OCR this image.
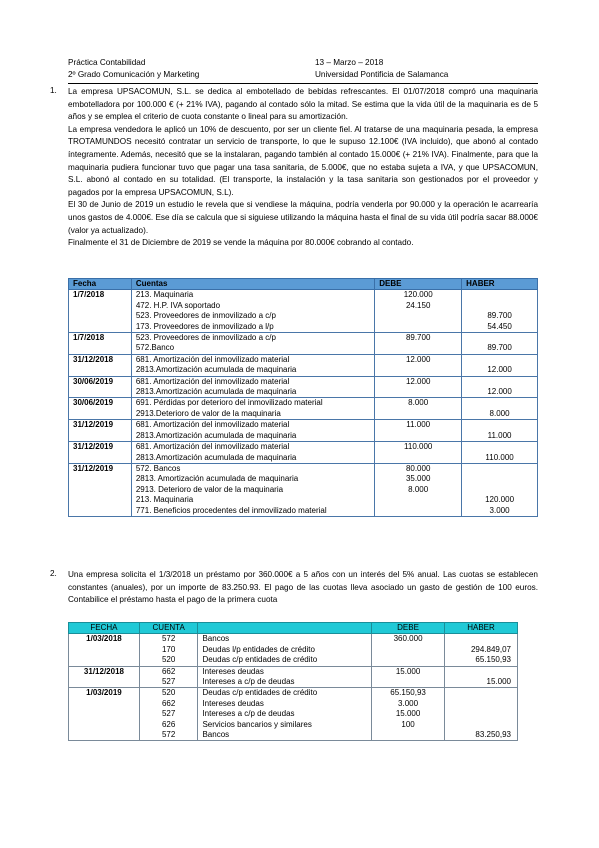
Práctica Contabilidad	13 – Marzo – 2018
2º Grado Comunicación y Marketing	Universidad Pontificia de Salamanca
1. La empresa UPSACOMUN, S.L. se dedica al embotellado de bebidas refrescantes. El 01/07/2018 compró una maquinaria embotelladora por 100.000 € (+ 21% IVA), pagando al contado sólo la mitad. Se estima que la vida útil de la maquinaria es de 5 años y se emplea el criterio de cuota constante o lineal para su amortización.

La empresa vendedora le aplicó un 10% de descuento, por ser un cliente fiel. Al tratarse de una maquinaria pesada, la empresa TROTAMUNDOS necesitó contratar un servicio de transporte, lo que le supuso 12.100€ (IVA incluido), que abonó al contado íntegramente. Además, necesitó que se la instalaran, pagando también al contado 15.000€ (+ 21% IVA). Finalmente, para que la maquinaria pudiera funcionar tuvo que pagar una tasa sanitaria, de 5.000€, que no estaba sujeta a IVA, y que UPSACOMUN, S.L. abonó al contado en su totalidad. (El transporte, la instalación y la tasa sanitaria son gestionados por el proveedor y pagados por la empresa UPSACOMUN, S.L).

El 30 de Junio de 2019 un estudio le revela que si vendiese la máquina, podría venderla por 90.000 y la operación le acarrearía unos gastos de 4.000€. Ese día se calcula que si siguiese utilizando la máquina hasta el final de su vida útil podría sacar 88.000€ (valor ya actualizado).

Finalmente el 31 de Diciembre de 2019 se vende la máquina por 80.000€ cobrando al contado.

Fecha	Cuentas	DEBE	HABER
1/7/2018	213. Maquinaria	120.000	
	472. H.P. IVA soportado	24.150	
	523. Proveedores de inmovilizado a c/p		89.700
	173. Proveedores de inmovilizado a l/p		54.450
1/7/2018	523. Proveedores de inmovilizado a c/p	89.700	
	572.Banco		89.700
31/12/2018	681. Amortización del inmovilizado material	12.000	
	2813.Amortización acumulada de maquinaria		12.000
30/06/2019	681. Amortización del inmovilizado material	12.000	
	2813.Amortización acumulada de maquinaria		12.000
30/06/2019	691. Pérdidas por deterioro del inmovilizado material	8.000	
	2913.Deterioro de valor de la maquinaria		8.000
31/12/2019	681. Amortización del inmovilizado material	11.000	
	2813.Amortización acumulada de maquinaria		11.000
31/12/2019	681. Amortización del inmovilizado material	110.000	
	2813.Amortización acumulada de maquinaria		110.000
31/12/2019	572. Bancos	80.000	
	2813. Amortización acumulada de maquinaria	35.000	
	2913. Deterioro de valor de la maquinaria	8.000	
	213. Maquinaria		120.000
	771. Beneficios procedentes del inmovilizado material		3.000
2. Una empresa solicita el 1/3/2018 un préstamo por 360.000€ a 5 años con un interés del 5% anual. Las cuotas se establecen constantes (anuales), por un importe de 83.250.93. El pago de las cuotas lleva asociado un gasto de gestión de 100 euros. Contabilice el préstamo hasta el pago de la primera cuota

FECHA	CUENTA		DEBE	HABER
1/03/2018	572	Bancos	360.000	
	170	Deudas l/p entidades de crédito		294.849,07
	520	Deudas c/p entidades de crédito		65.150,93
31/12/2018	662	Intereses deudas	15.000	
	527	Intereses a c/p de deudas		15.000
1/03/2019	520	Deudas c/p entidades de crédito	65.150,93	
	662	Intereses deudas	3.000	
	527	Intereses a c/p de deudas	15.000	
	626	Servicios bancarios y similares	100	
	572	Bancos		83.250,93
